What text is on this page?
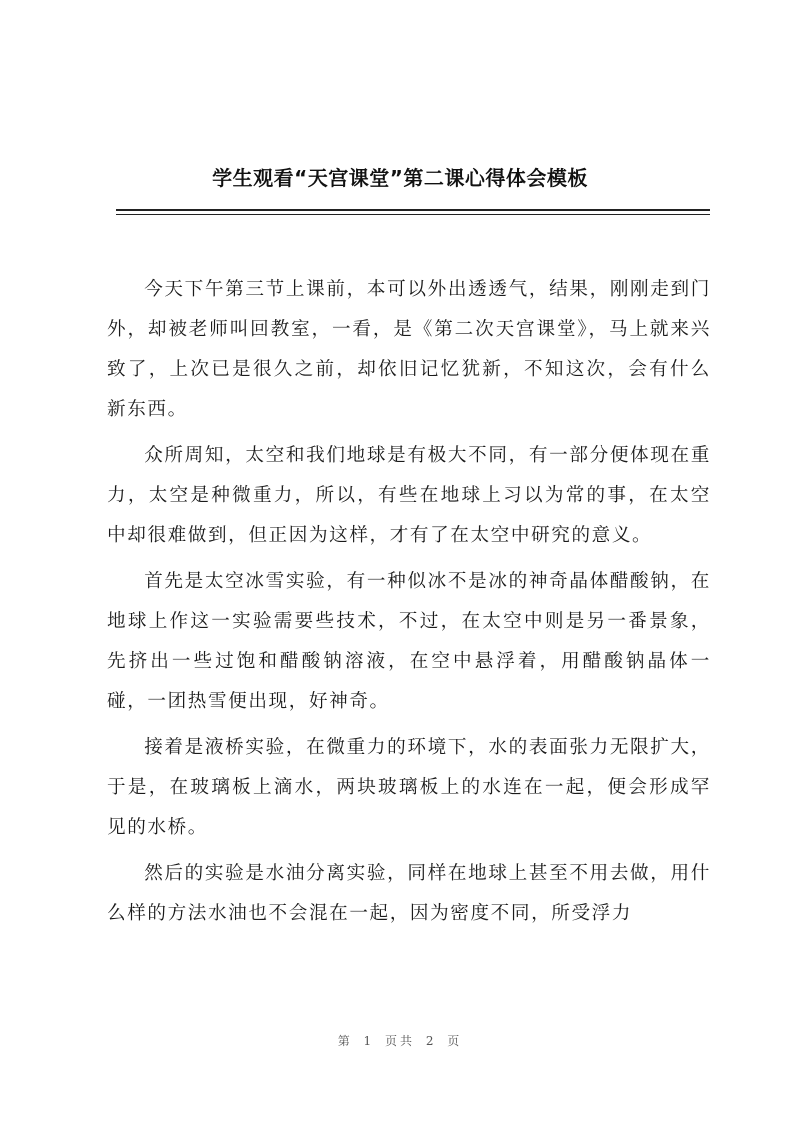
学生观看“天宫课堂”第二课心得体会模板

今天下午第三节上课前，本可以外出透透气，结果，刚刚走到门外，却被老师叫回教室，一看，是《第二次天宫课堂》，马上就来兴致了，上次已是很久之前，却依旧记忆犹新，不知这次，会有什么新东西。

众所周知，太空和我们地球是有极大不同，有一部分便体现在重力，太空是种微重力，所以，有些在地球上习以为常的事，在太空中却很难做到，但正因为这样，才有了在太空中研究的意义。

首先是太空冰雪实验，有一种似冰不是冰的神奇晶体醋酸钠，在地球上作这一实验需要些技术，不过，在太空中则是另一番景象，先挤出一些过饱和醋酸钠溶液，在空中悬浮着，用醋酸钠晶体一碰，一团热雪便出现，好神奇。

接着是液桥实验，在微重力的环境下，水的表面张力无限扩大，于是，在玻璃板上滴水，两块玻璃板上的水连在一起，便会形成罕见的水桥。

然后的实验是水油分离实验，同样在地球上甚至不用去做，用什么样的方法水油也不会混在一起，因为密度不同，所受浮力

第 1 页共 2 页
